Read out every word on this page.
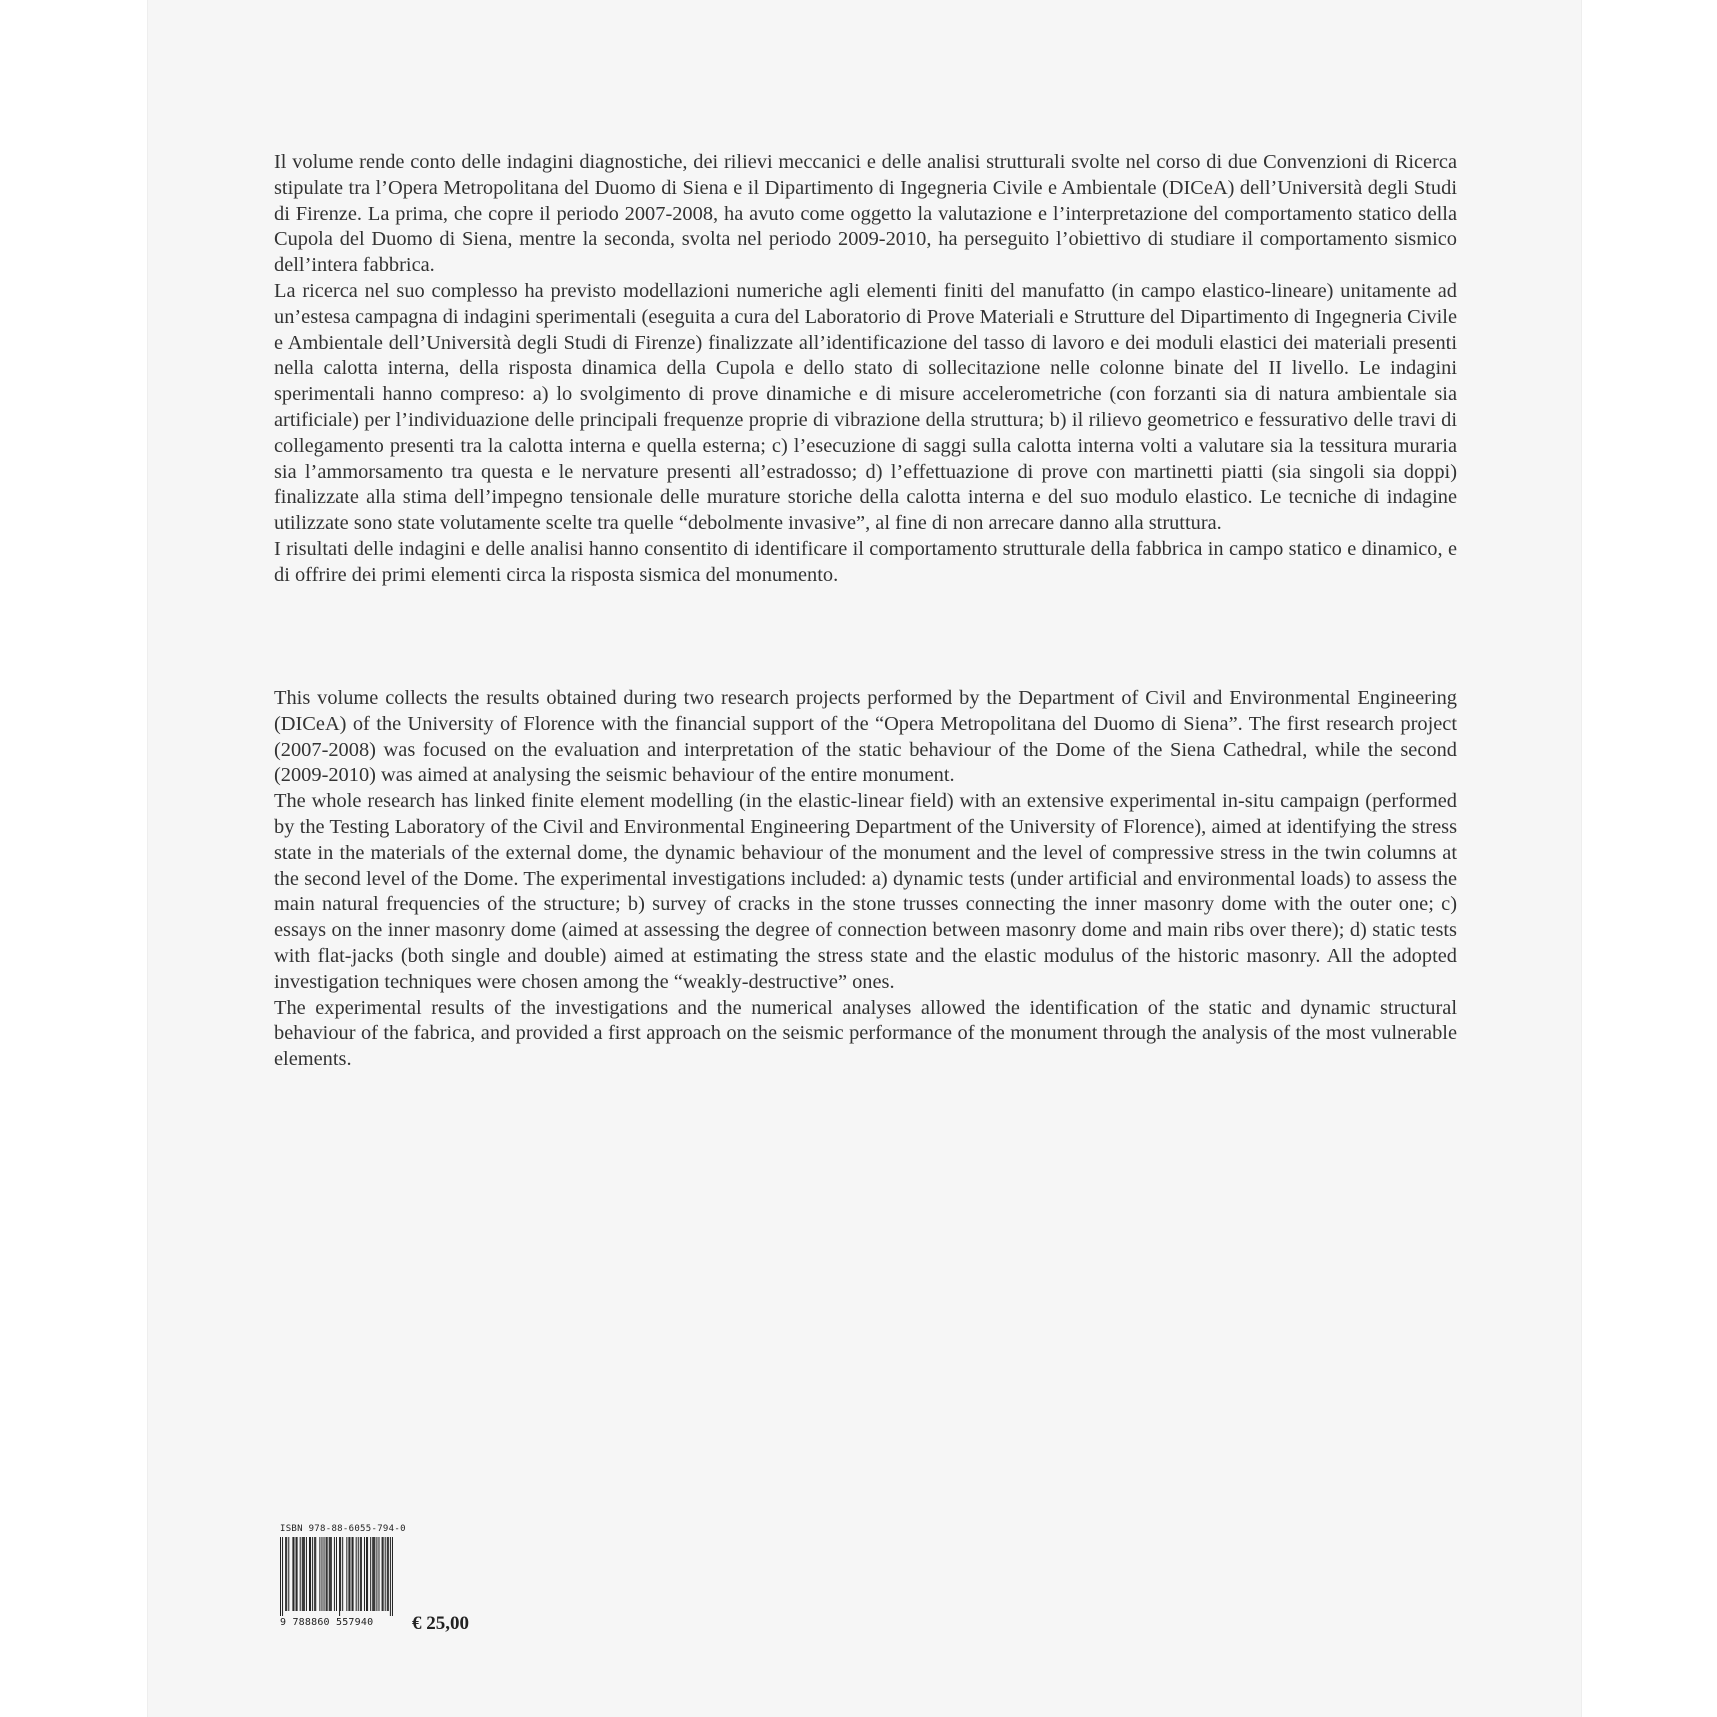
Il volume rende conto delle indagini diagnostiche, dei rilievi meccanici e delle analisi strutturali svolte nel corso di due Convenzioni di Ricerca stipulate tra l’Opera Metropolitana del Duomo di Siena e il Dipartimento di Ingegneria Civile e Ambientale (DICeA) dell’Università degli Studi di Firenze. La prima, che copre il periodo 2007-2008, ha avuto come oggetto la valutazione e l’interpretazione del comportamento statico della Cupola del Duomo di Siena, mentre la seconda, svolta nel periodo 2009-2010, ha perseguito l’obiettivo di studiare il comportamento sismico dell’intera fabbrica.

La ricerca nel suo complesso ha previsto modellazioni numeriche agli elementi finiti del manufatto (in campo elastico-lineare) unitamente ad un’estesa campagna di indagini sperimentali (eseguita a cura del Laboratorio di Prove Materiali e Strutture del Dipartimento di Ingegneria Civile e Ambientale dell’Università degli Studi di Firenze) finalizzate all’identificazione del tasso di lavoro e dei moduli elastici dei materiali presenti nella calotta interna, della risposta dinamica della Cupola e dello stato di sollecitazione nelle colonne binate del II livello. Le indagini sperimentali hanno compreso: a) lo svolgimento di prove dinamiche e di misure accelerometriche (con forzanti sia di natura ambientale sia artificiale) per l’individuazione delle principali frequenze proprie di vibrazione della struttura; b) il rilievo geometrico e fessurativo delle travi di collegamento presenti tra la calotta interna e quella esterna; c) l’esecuzione di saggi sulla calotta interna volti a valutare sia la tessitura muraria sia l’ammorsamento tra questa e le nervature presenti all’estradosso; d) l’effettuazione di prove con martinetti piatti (sia singoli sia doppi) finalizzate alla stima dell’impegno tensionale delle murature storiche della calotta interna e del suo modulo elastico. Le tecniche di indagine utilizzate sono state volutamente scelte tra quelle “debolmente invasive”, al fine di non arrecare danno alla struttura.

I risultati delle indagini e delle analisi hanno consentito di identificare il comportamento strutturale della fabbrica in campo statico e dinamico, e di offrire dei primi elementi circa la risposta sismica del monumento.

This volume collects the results obtained during two research projects performed by the Department of Civil and Environmental Engineering (DICeA) of the University of Florence with the financial support of the “Opera Metropolitana del Duomo di Siena”. The first research project (2007-2008) was focused on the evaluation and interpretation of the static behaviour of the Dome of the Siena Cathedral, while the second (2009-2010) was aimed at analysing the seismic behaviour of the entire monument.

The whole research has linked finite element modelling (in the elastic-linear field) with an extensive experimental in-situ campaign (performed by the Testing Laboratory of the Civil and Environmental Engineering Department of the University of Florence), aimed at identifying the stress state in the materials of the external dome, the dynamic behaviour of the monument and the level of compressive stress in the twin columns at the second level of the Dome. The experimental investigations included: a) dynamic tests (under artificial and environmental loads) to assess the main natural frequencies of the structure; b) survey of cracks in the stone trusses connecting the inner masonry dome with the outer one; c) essays on the inner masonry dome (aimed at assessing the degree of connection between masonry dome and main ribs over there); d) static tests with flat-jacks (both single and double) aimed at estimating the stress state and the elastic modulus of the historic masonry. All the adopted investigation techniques were chosen among the “weakly-destructive” ones.

The experimental results of the investigations and the numerical analyses allowed the identification of the static and dynamic structural behaviour of the fabrica, and provided a first approach on the seismic performance of the monument through the analysis of the most vulnerable elements.

ISBN 978-88-6055-794-0
9 788860 557940 € 25,00
